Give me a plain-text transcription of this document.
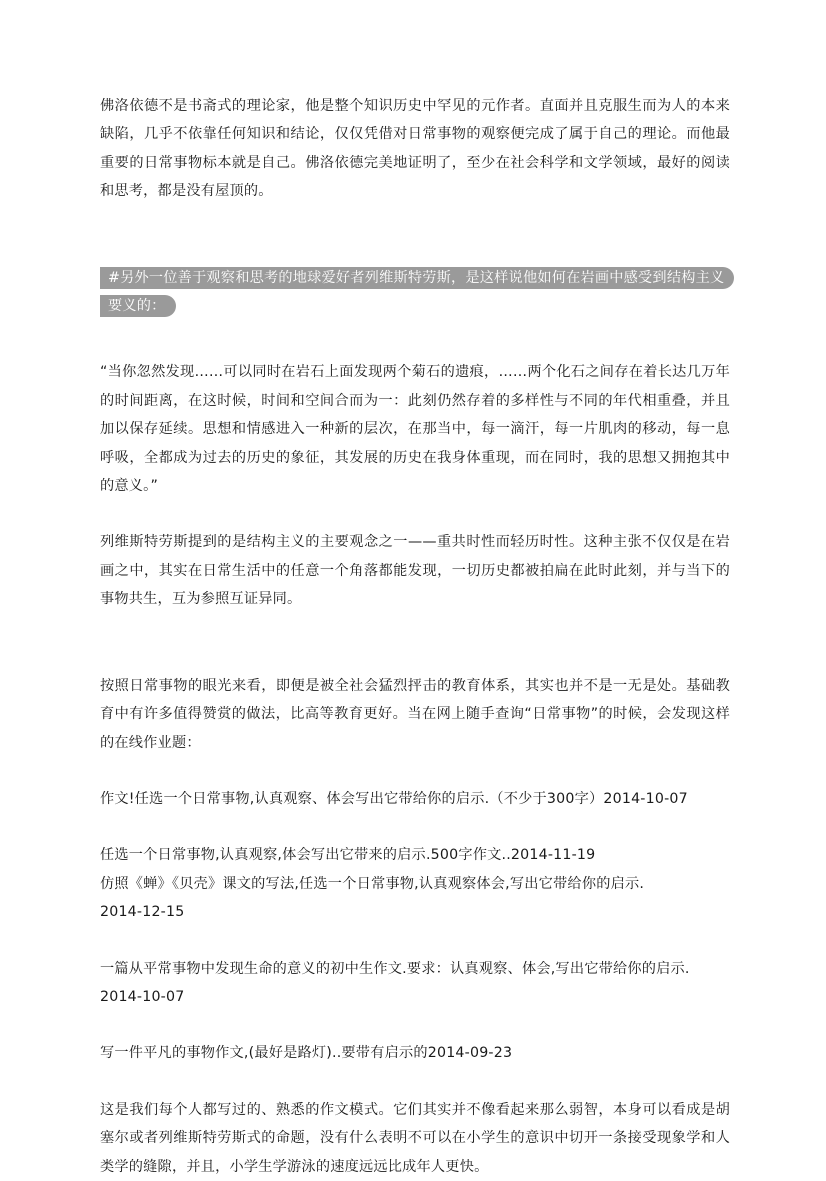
佛洛依德不是书斋式的理论家，他是整个知识历史中罕见的元作者。直面并且克服生而为人的本来缺陷，几乎不依靠任何知识和结论，仅仅凭借对日常事物的观察便完成了属于自己的理论。而他最重要的日常事物标本就是自己。佛洛依德完美地证明了，至少在社会科学和文学领域，最好的阅读和思考，都是没有屋顶的。

#另外一位善于观察和思考的地球爱好者列维斯特劳斯，是这样说他如何在岩画中感受到结构主义要义的：

“当你忽然发现……可以同时在岩石上面发现两个菊石的遗痕，……两个化石之间存在着长达几万年的时间距离，在这时候，时间和空间合而为一：此刻仍然存着的多样性与不同的年代相重叠，并且加以保存延续。思想和情感进入一种新的层次，在那当中，每一滴汗，每一片肌肉的移动，每一息呼吸，全都成为过去的历史的象征，其发展的历史在我身体重现，而在同时，我的思想又拥抱其中的意义。”

列维斯特劳斯提到的是结构主义的主要观念之一——重共时性而轻历时性。这种主张不仅仅是在岩画之中，其实在日常生活中的任意一个角落都能发现，一切历史都被拍扁在此时此刻，并与当下的事物共生，互为参照互证异同。

按照日常事物的眼光来看，即便是被全社会猛烈抨击的教育体系，其实也并不是一无是处。基础教育中有许多值得赞赏的做法，比高等教育更好。当在网上随手查询“日常事物”的时候，会发现这样的在线作业题：

作文!任选一个日常事物,认真观察、体会写出它带给你的启示.（不少于300字）2014-10-07

任选一个日常事物,认真观察,体会写出它带来的启示.500字作文..2014-11-19
仿照《蝉》《贝壳》课文的写法,任选一个日常事物,认真观察体会,写出它带给你的启示.
2014-12-15

一篇从平常事物中发现生命的意义的初中生作文.要求：认真观察、体会,写出它带给你的启示.
2014-10-07

写一件平凡的事物作文,(最好是路灯)..要带有启示的2014-09-23

这是我们每个人都写过的、熟悉的作文模式。它们其实并不像看起来那么弱智，本身可以看成是胡塞尔或者列维斯特劳斯式的命题，没有什么表明不可以在小学生的意识中切开一条接受现象学和人类学的缝隙，并且，小学生学游泳的速度远远比成年人更快。
